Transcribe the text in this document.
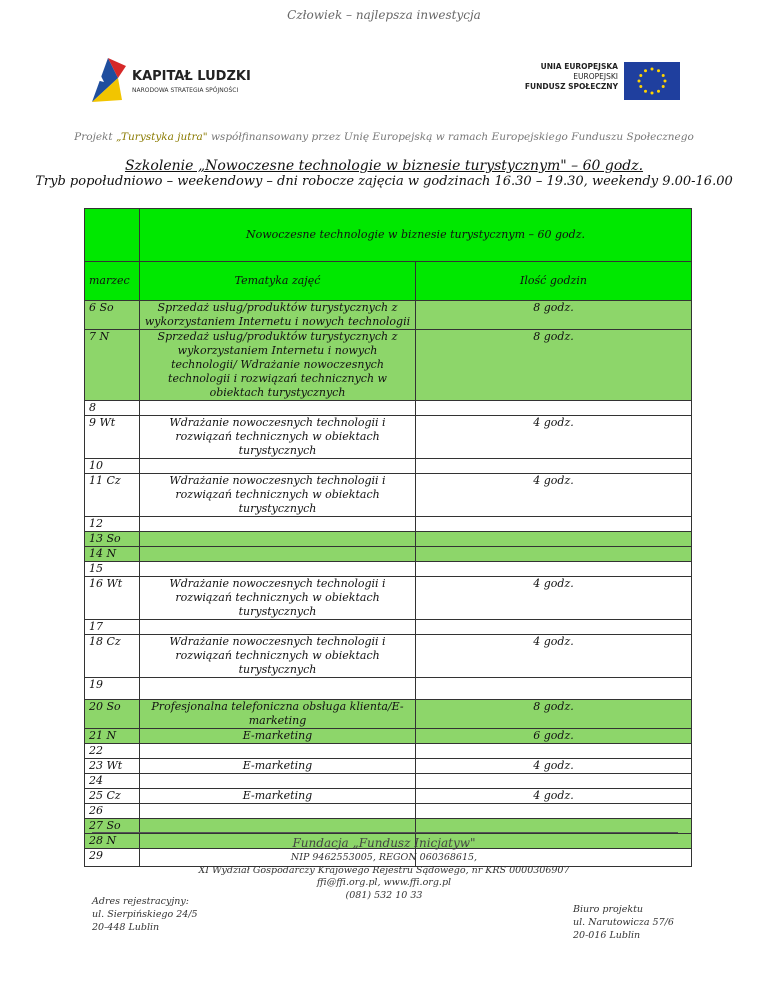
Człowiek – najlepsza inwestycja
KAPITAŁ LUDZKI
NARODOWA STRATEGIA SPÓJNOŚCI
UNIA EUROPEJSKA
EUROPEJSKI
FUNDUSZ SPOŁECZNY
Projekt „Turystyka jutra" współfinansowany przez Unię Europejską w ramach Europejskiego Funduszu Społecznego
Szkolenie „Nowoczesne technologie w biznesie turystycznym" – 60 godz.
Tryb popołudniowo – weekendowy – dni robocze zajęcia w godzinach 16.30 – 19.30, weekendy 9.00-16.00
	Nowoczesne technologie w biznesie turystycznym – 60 godz.	
marzec	Tematyka zajęć	Ilość godzin
6 So	Sprzedaż usług/produktów turystycznych z wykorzystaniem Internetu i nowych technologii	8 godz.
7 N	Sprzedaż usług/produktów turystycznych z wykorzystaniem Internetu i nowych technologii/ Wdrażanie nowoczesnych technologii i rozwiązań technicznych w obiektach turystycznych	8 godz.
8		
9 Wt	Wdrażanie nowoczesnych technologii i rozwiązań technicznych w obiektach turystycznych	4 godz.
10		
11 Cz	Wdrażanie nowoczesnych technologii i rozwiązań technicznych w obiektach turystycznych	4 godz.
12		
13 So		
14 N		
15		
16 Wt	Wdrażanie nowoczesnych technologii i rozwiązań technicznych w obiektach turystycznych	4 godz.
17		
18 Cz	Wdrażanie nowoczesnych technologii i rozwiązań technicznych w obiektach turystycznych	4 godz.
19		
20 So	Profesjonalna telefoniczna obsługa klienta/E-marketing	8 godz.
21 N	E-marketing	6 godz.
22		
23 Wt	E-marketing	4 godz.
24		
25 Cz	E-marketing	4 godz.
26		
27 So		
28 N		
29		
Fundacja „Fundusz Inicjatyw"
NIP 9462553005, REGON 060368615,
XI Wydział Gospodarczy Krajowego Rejestru Sądowego, nr KRS 0000306907
ffi@ffi.org.pl, www.ffi.org.pl
(081) 532 10 33
Adres rejestracyjny:
ul. Sierpińskiego 24/5
20-448 Lublin
Biuro projektu
ul. Narutowicza 57/6
20-016 Lublin
